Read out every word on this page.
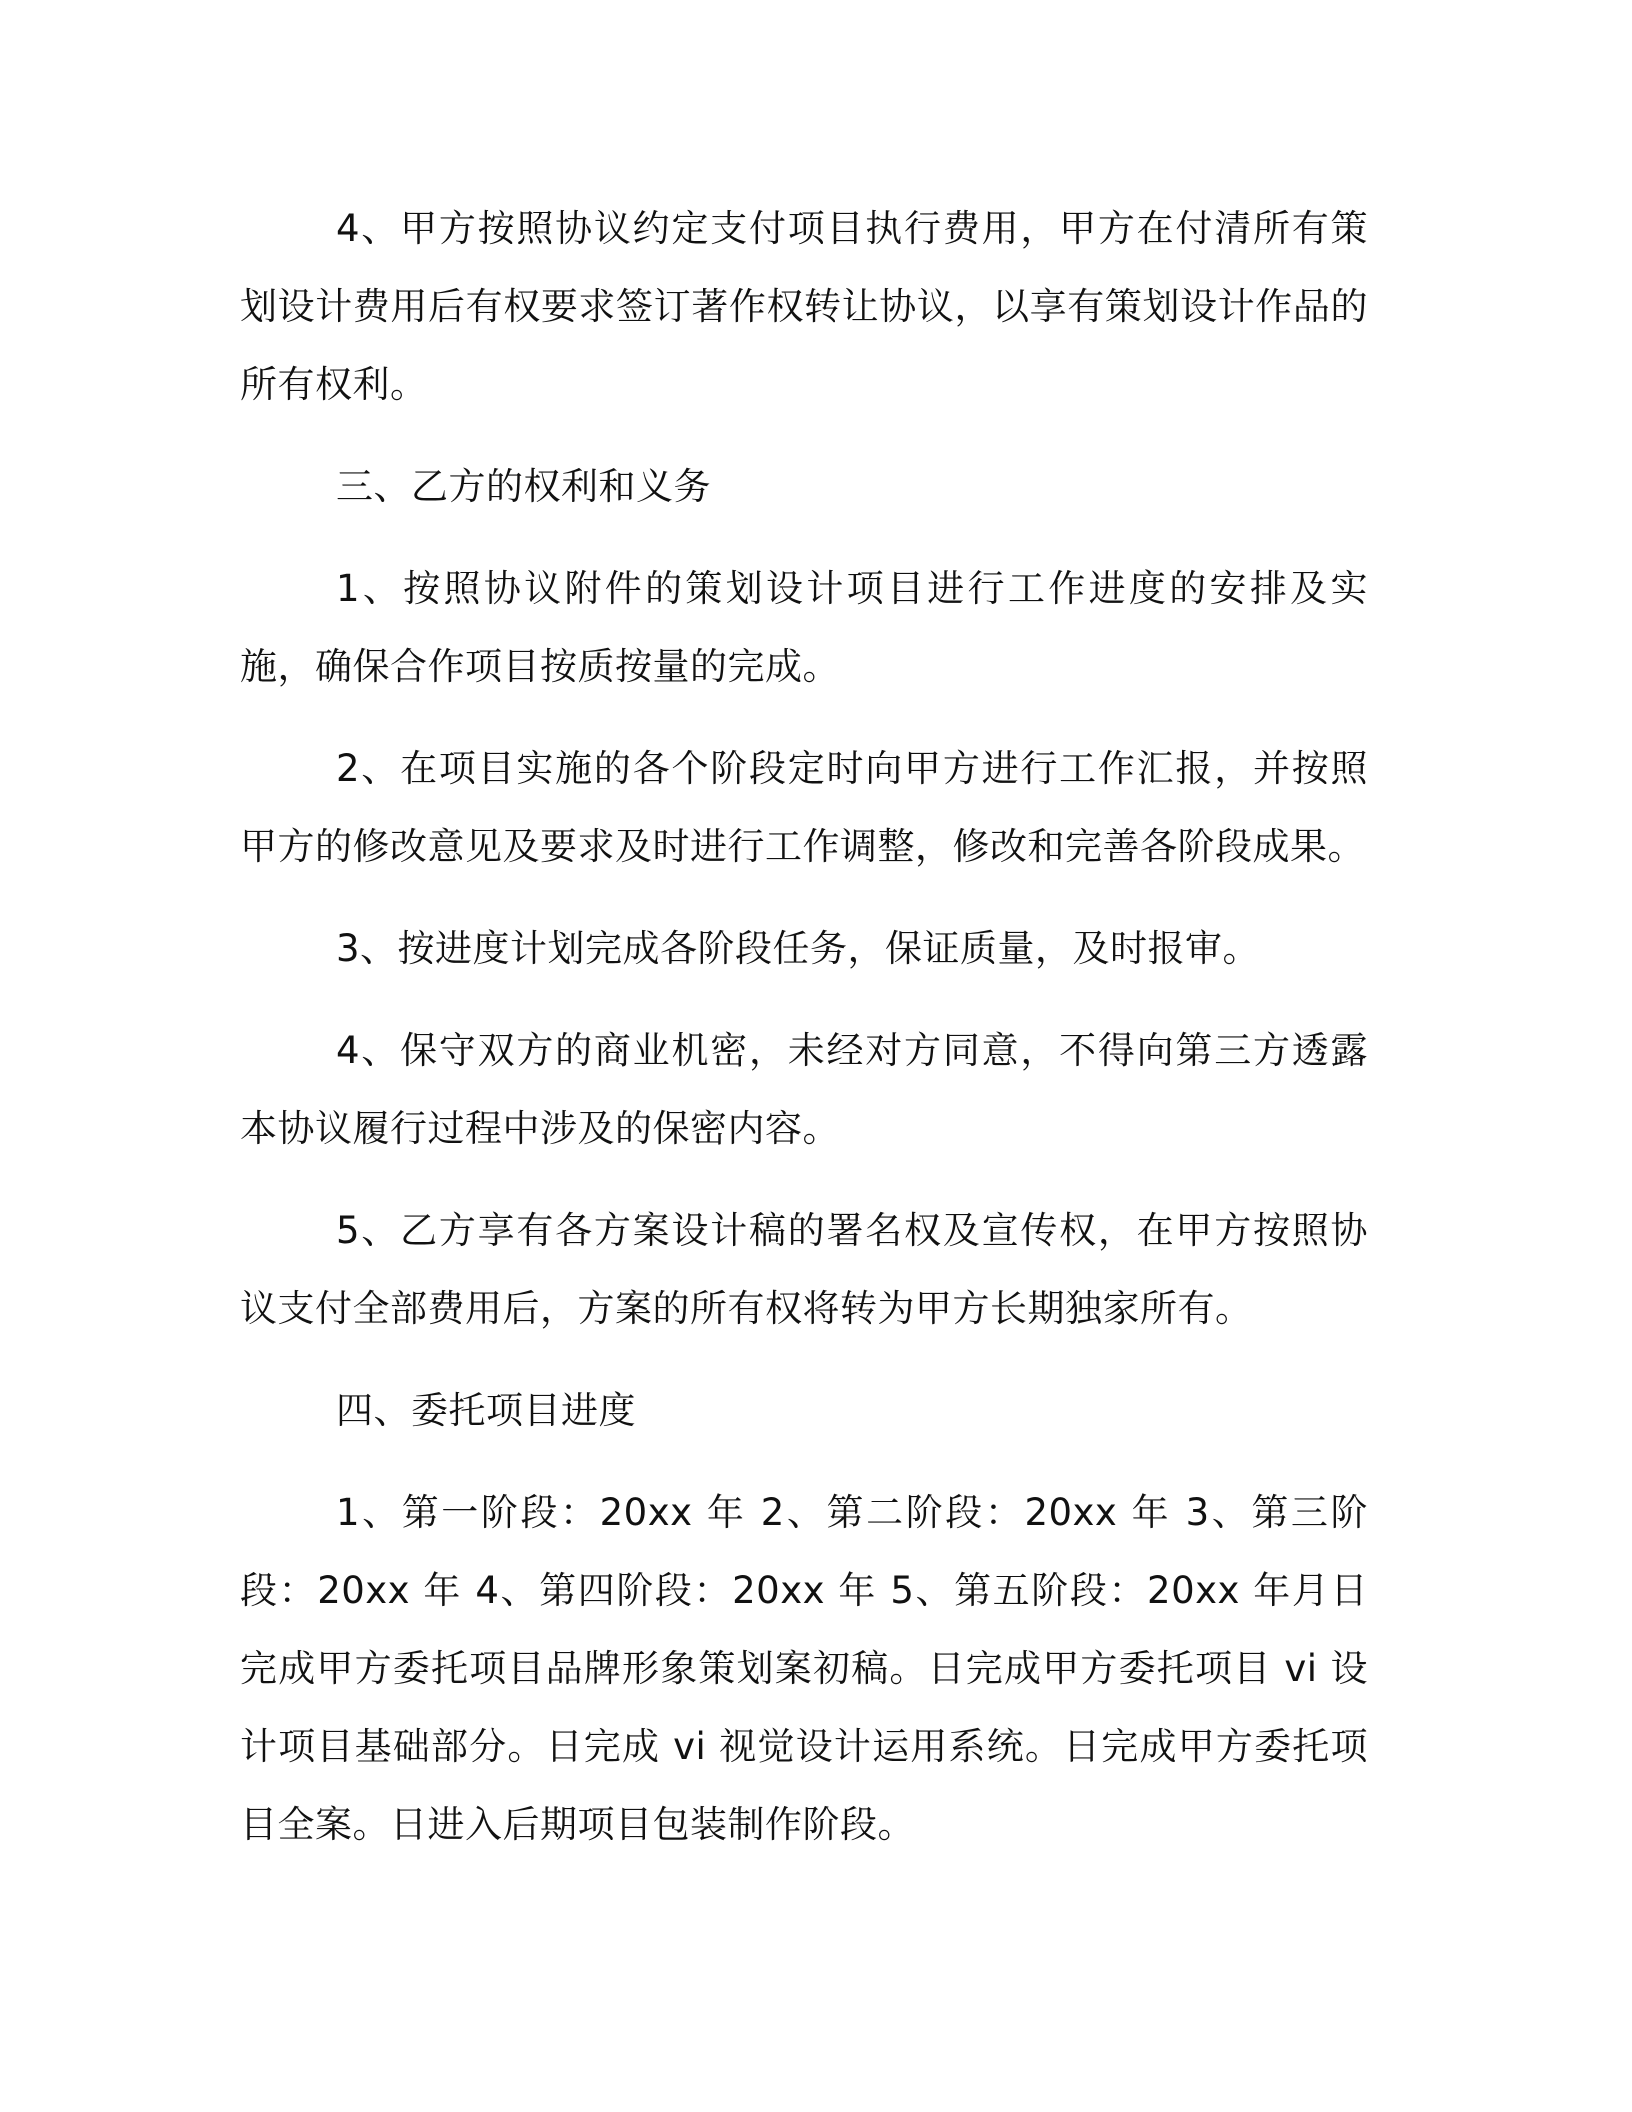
4、甲方按照协议约定支付项目执行费用，甲方在付清所有策划设计费用后有权要求签订著作权转让协议，以享有策划设计作品的所有权利。

三、乙方的权利和义务

1、按照协议附件的策划设计项目进行工作进度的安排及实施，确保合作项目按质按量的完成。

2、在项目实施的各个阶段定时向甲方进行工作汇报，并按照甲方的修改意见及要求及时进行工作调整，修改和完善各阶段成果。

3、按进度计划完成各阶段任务，保证质量，及时报审。

4、保守双方的商业机密，未经对方同意，不得向第三方透露本协议履行过程中涉及的保密内容。

5、乙方享有各方案设计稿的署名权及宣传权，在甲方按照协议支付全部费用后，方案的所有权将转为甲方长期独家所有。

四、委托项目进度

1、第一阶段：20xx 年 2、第二阶段：20xx 年 3、第三阶段：20xx 年 4、第四阶段：20xx 年 5、第五阶段：20xx 年月日完成甲方委托项目品牌形象策划案初稿。日完成甲方委托项目 vi 设计项目基础部分。日完成 vi 视觉设计运用系统。日完成甲方委托项目全案。日进入后期项目包装制作阶段。
